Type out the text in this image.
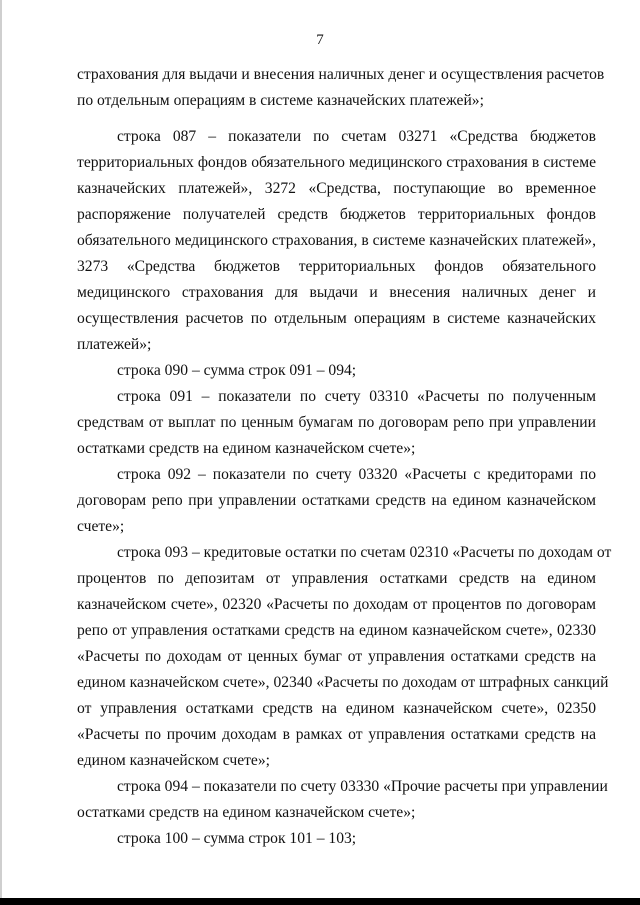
7
страхования для выдачи и внесения наличных денег и осуществления расчетов
по отдельным операциям в системе казначейских платежей»;
строка 087 – показатели по счетам 03271 «Средства бюджетов
территориальных фондов обязательного медицинского страхования в системе
казначейских платежей», 3272 «Средства, поступающие во временное
распоряжение получателей средств бюджетов территориальных фондов
обязательного медицинского страхования, в системе казначейских платежей»,
3273 «Средства бюджетов территориальных фондов обязательного
медицинского страхования для выдачи и внесения наличных денег и
осуществления расчетов по отдельным операциям в системе казначейских
платежей»;
строка 090 – сумма строк 091 – 094;
строка 091 – показатели по счету 03310 «Расчеты по полученным
средствам от выплат по ценным бумагам по договорам репо при управлении
остатками средств на едином казначейском счете»;
строка 092 – показатели по счету 03320 «Расчеты с кредиторами по
договорам репо при управлении остатками средств на едином казначейском
счете»;
строка 093 – кредитовые остатки по счетам 02310 «Расчеты по доходам от
процентов по депозитам от управления остатками средств на едином
казначейском счете», 02320 «Расчеты по доходам от процентов по договорам
репо от управления остатками средств на едином казначейском счете», 02330
«Расчеты по доходам от ценных бумаг от управления остатками средств на
едином казначейском счете», 02340 «Расчеты по доходам от штрафных санкций
от управления остатками средств на едином казначейском счете», 02350
«Расчеты по прочим доходам в рамках от управления остатками средств на
едином казначейском счете»;
строка 094 – показатели по счету 03330 «Прочие расчеты при управлении
остатками средств на едином казначейском счете»;
строка 100 – сумма строк 101 – 103;
